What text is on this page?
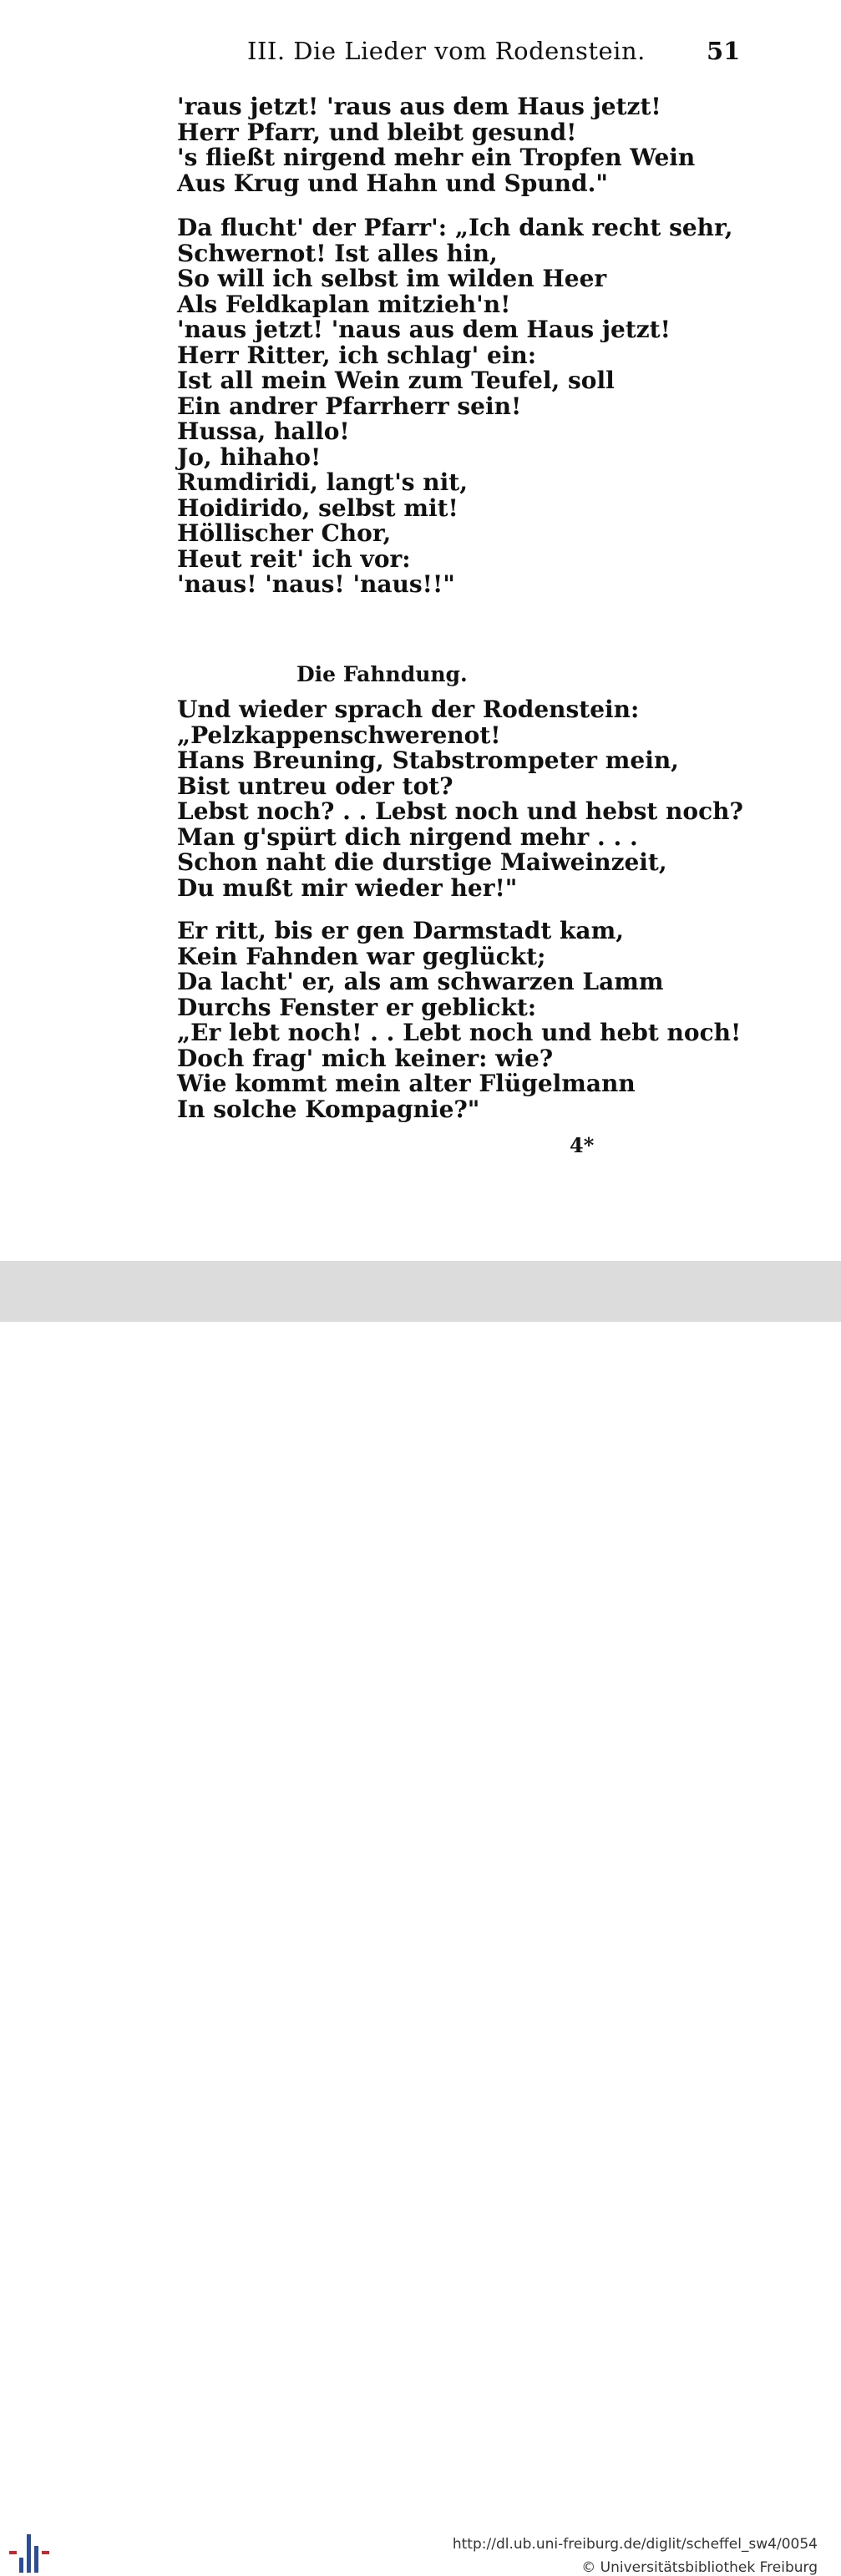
III. Die Lieder vom Rodenstein.	51
'raus jetzt! 'raus aus dem Haus jetzt!
Herr Pfarr, und bleibt gesund!
's fließt nirgend mehr ein Tropfen Wein
Aus Krug und Hahn und Spund."
Da flucht' der Pfarr': „Ich dank recht sehr,
Schwernot! Ist alles hin,
So will ich selbst im wilden Heer
Als Feldkaplan mitzieh'n!
'naus jetzt! 'naus aus dem Haus jetzt!
Herr Ritter, ich schlag' ein:
Ist all mein Wein zum Teufel, soll
Ein andrer Pfarrherr sein!
Hussa, hallo!
Jo, hihaho!
Rumdiridi, langt's nit,
Hoidiridо, selbst mit!
Höllischer Chor,
Heut reit' ich vor:
'naus! 'naus! 'naus!!"
Die Fahndung.
Und wieder sprach der Rodenstein:
„Pelzkappenschwerenot!
Hans Breuning, Stabstrompeter mein,
Bist untreu oder tot?
Lebst noch? . . Lebst noch und hebst noch?
Man g'spürt dich nirgend mehr . . .
Schon naht die durstige Maiweinzeit,
Du mußt mir wieder her!"
Er ritt, bis er gen Darmstadt kam,
Kein Fahnden war geglückt;
Da lacht' er, als am schwarzen Lamm
Durchs Fenster er geblickt:
„Er lebt noch! . . Lebt noch und hebt noch!
Doch frag' mich keiner: wie?
Wie kommt mein alter Flügelmann
In solche Kompagnie?"
4*
http://dl.ub.uni-freiburg.de/diglit/scheffel_sw4/0054
© Universitätsbibliothek Freiburg
